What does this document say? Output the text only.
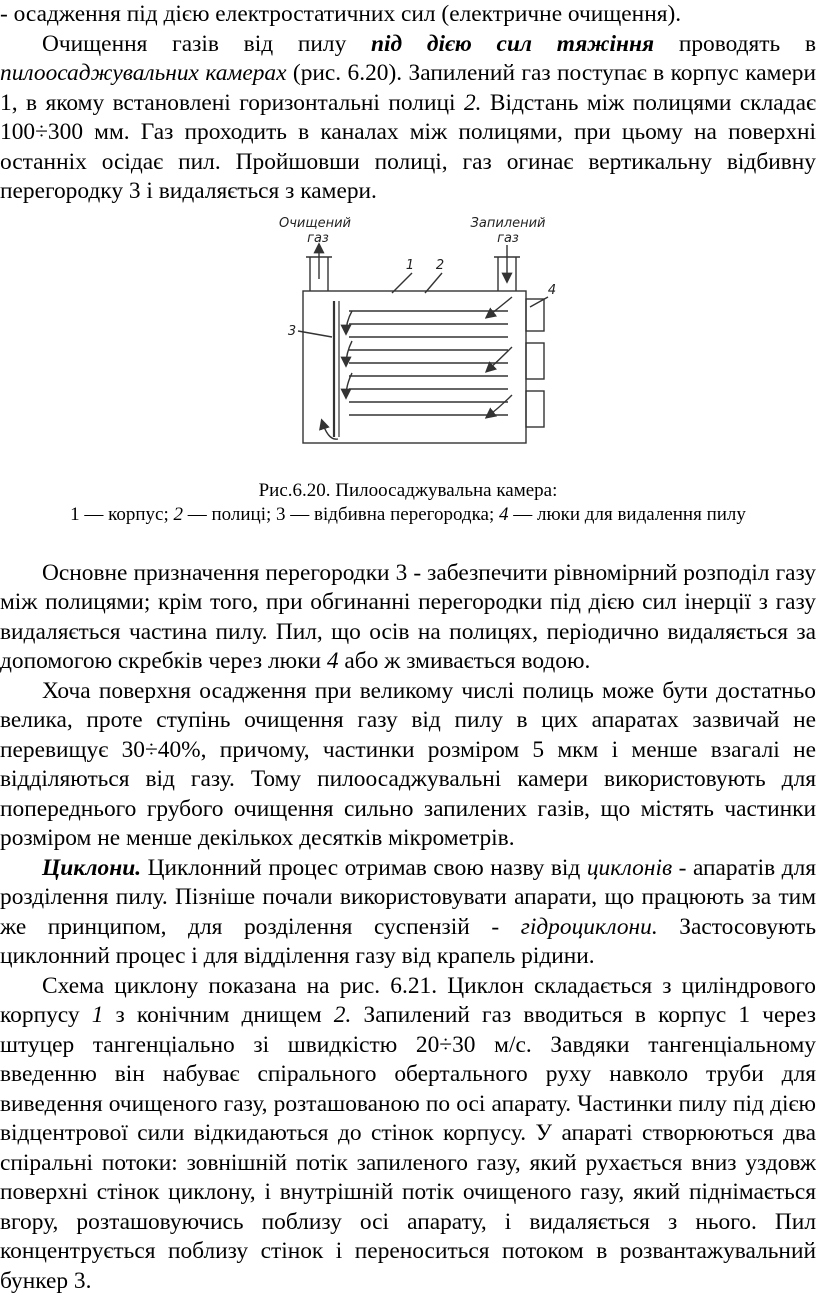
- осадження під дією електростатичних сил (електричне очищення).

Очищення газів від пилу під дією сил тяжіння проводять в пилоосаджувальних камерах (рис. 6.20). Запилений газ поступає в корпус камери 1, в якому встановлені горизонтальні полиці 2. Відстань між полицями складає 100÷300 мм. Газ проходить в каналах між полицями, при цьому на поверхні останніх осідає пил. Пройшовши полиці, газ огинає вертикальну відбивну перегородку 3 і видаляється з камери.

Очищений
газ
Запилений
газ
1 2
3
4

Рис.6.20. Пилоосаджувальна камера:

1 — корпус; 2 — полиці; 3 — відбивна перегородка; 4 — люки для видалення пилу

Основне призначення перегородки 3 - забезпечити рівномірний розподіл газу між полицями; крім того, при обгинанні перегородки під дією сил інерції з газу видаляється частина пилу. Пил, що осів на полицях, періодично видаляється за допомогою скребків через люки 4 або ж змивається водою.

Хоча поверхня осадження при великому числі полиць може бути достатньо велика, проте ступінь очищення газу від пилу в цих апаратах зазвичай не перевищує 30÷40%, причому, частинки розміром 5 мкм і менше взагалі не відділяються від газу. Тому пилоосаджувальні камери використовують для попереднього грубого очищення сильно запилених газів, що містять частинки розміром не менше декількох десятків мікрометрів.

Циклони. Циклонний процес отримав свою назву від циклонів - апаратів для розділення пилу. Пізніше почали використовувати апарати, що працюють за тим же принципом, для розділення суспензій - гідроциклони. Застосовують циклонний процес і для відділення газу від крапель рідини.

Схема циклону показана на рис. 6.21. Циклон складається з циліндрового корпусу 1 з конічним днищем 2. Запилений газ вводиться в корпус 1 через штуцер тангенціально зі швидкістю 20÷30 м/с. Завдяки тангенціальному введенню він набуває спірального обертального руху навколо труби для виведення очищеного газу, розташованою по осі апарату. Частинки пилу під дією відцентрової сили відкидаються до стінок корпусу. У апараті створюються два спіральні потоки: зовнішній потік запиленого газу, який рухається вниз уздовж поверхні стінок циклону, і внутрішній потік очищеного газу, який піднімається вгору, розташовуючись поблизу осі апарату, і видаляється з нього. Пил концентрується поблизу стінок і переноситься потоком в розвантажувальний бункер 3.
